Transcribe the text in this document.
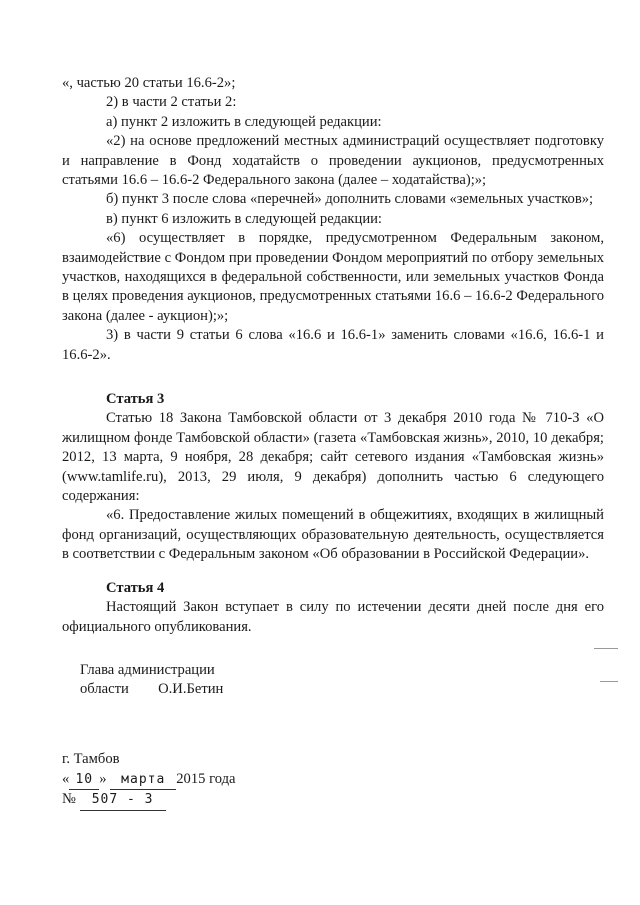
«, частью 20 статьи 16.6-2»;

2) в части 2 статьи 2:

а) пункт 2 изложить в следующей редакции:

«2) на основе предложений местных администраций осуществляет подготовку и направление в Фонд ходатайств о проведении аукционов, предусмотренных статьями 16.6 – 16.6-2 Федерального закона (далее – ходатайства);»;

б) пункт 3 после слова «перечней» дополнить словами «земельных участков»;

в) пункт 6 изложить в следующей редакции:

«6) осуществляет в порядке, предусмотренном Федеральным законом, взаимодействие с Фондом при проведении Фондом мероприятий по отбору земельных участков, находящихся в федеральной собственности, или земельных участков Фонда в целях проведения аукционов, предусмотренных статьями 16.6 – 16.6-2 Федерального закона (далее - аукцион);»;

3) в части 9 статьи 6 слова «16.6 и 16.6-1» заменить словами «16.6, 16.6-1 и 16.6-2».

Статья 3

Статью 18 Закона Тамбовской области от 3 декабря 2010 года № 710-З «О жилищном фонде Тамбовской области» (газета «Тамбовская жизнь», 2010, 10 декабря; 2012, 13 марта, 9 ноября, 28 декабря; сайт сетевого издания «Тамбовская жизнь» (www.tamlife.ru), 2013, 29 июля, 9 декабря) дополнить частью 6 следующего содержания:

«6. Предоставление жилых помещений в общежитиях, входящих в жилищный фонд организаций, осуществляющих образовательную деятельность, осуществляется в соответствии с Федеральным законом «Об образовании в Российской Федерации».

Статья 4

Настоящий Закон вступает в силу по истечении десяти дней после дня его официального опубликования.

Глава администрации
области О.И.Бетин
г. Тамбов
« 10 » марта 2015 года
№ 507 - 3
